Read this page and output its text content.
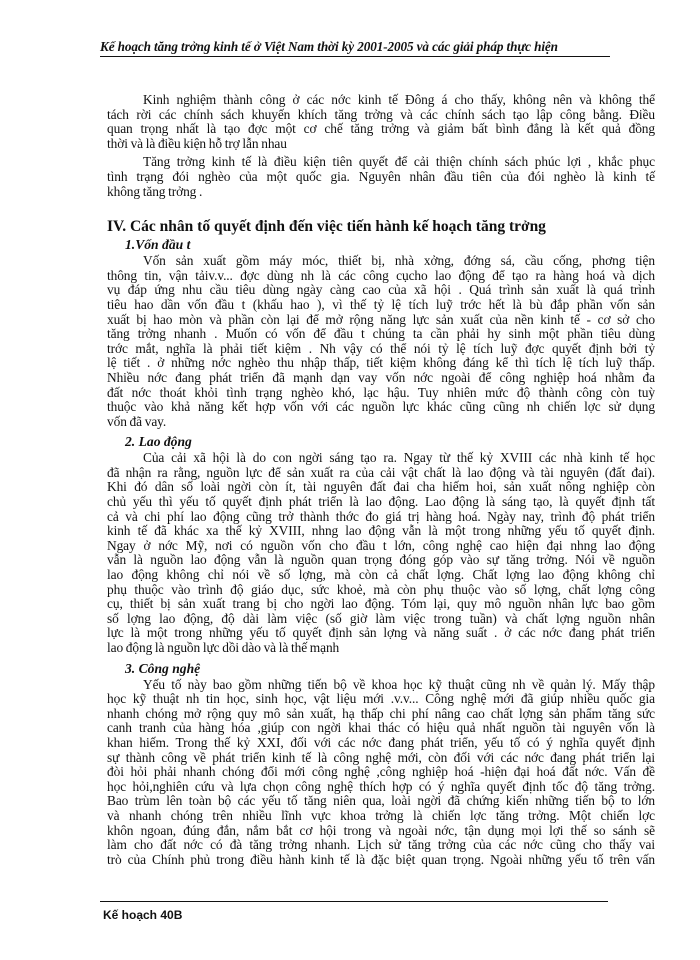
Kế hoạch tăng trởng kinh tế ở Việt Nam thời kỳ 2001-2005 và các giải pháp thực hiện
Kinh nghiệm thành công ở các nớc kinh tế Đông á cho thấy, không nên và không thể
tách rời các chính sách khuyến khích tăng trởng và các chính sách tạo lập công bằng. Điều
quan trọng nhất là tạo đợc một cơ chế tăng trởng và giảm bất bình đẳng là kết quả đồng
thời và là điều kiện hỗ trợ lẫn nhau
Tăng trởng kinh tế là điều kiện tiên quyết để cải thiện chính sách phúc lợi , khắc phục
tình trạng đói nghèo của một quốc gia. Nguyên nhân đầu tiên của đói nghèo là kinh tế
không tăng trởng .
IV. Các nhân tố quyết định đến việc tiến hành kế hoạch tăng trởng
1.Vốn đầu t
Vốn sản xuất gồm máy móc, thiết bị, nhà xởng, đớng sá, cầu cống, phơng tiện
thông tin, vận tảiv.v... đợc dùng nh là các công cụcho lao động để tạo ra hàng hoá và dịch
vụ đáp ứng nhu cầu tiêu dùng ngày càng cao của xã hội . Quá trình sản xuất là quá trình
tiêu hao dần vốn đầu t (khấu hao ), vì thế tỷ lệ tích luỹ trớc hết là bù đắp phần vốn sản
xuất bị hao mòn và phần còn lại để mở rộng năng lực sản xuất của nền kinh tế - cơ sở cho
tăng trởng nhanh . Muốn có vốn để đầu t chúng ta cần phải hy sinh một phần tiêu dùng
trớc mắt, nghĩa là phải tiết kiệm . Nh vậy có thể nói tỷ lệ tích luỹ đợc quyết định bởi tỷ
lệ tiết . ở những nớc nghèo thu nhập thấp, tiết kiệm không đáng kể thì tích lệ tích luỹ thấp.
Nhiều nớc đang phát triển đã mạnh dạn vay vốn nớc ngoài để công nghiệp hoá nhằm đa
đất nớc thoát khỏi tình trạng nghèo khó, lạc hậu. Tuy nhiên mức độ thành công còn tuỳ
thuộc vào khả năng kết hợp vốn với các nguồn lực khác cũng cũng nh chiến lợc sử dụng
vốn đã vay.
2. Lao động
Của cải xã hội là do con ngời sáng tạo ra. Ngay từ thế kỷ XVIII các nhà kinh tế học
đã nhận ra rằng, nguồn lực để sản xuất ra của cải vật chất là lao động và tài nguyên (đất đai).
Khi đó dân số loài ngời còn ít, tài nguyên đất đai cha hiếm hoi, sản xuất nông nghiệp còn
chủ yếu thì yếu tố quyết định phát triển là lao động. Lao động là sáng tạo, là quyết định tất
cả và chi phí lao động cũng trở thành thớc đo giá trị hàng hoá. Ngày nay, trình độ phát triển
kinh tế đã khác xa thế kỷ XVIII, nhng lao động vẫn là một trong những yếu tố quyết định.
Ngay ở nớc Mỹ, nơi có nguồn vốn cho đầu t lớn, công nghệ cao hiện đại nhng lao động
vẫn là nguồn lao động vẫn là nguồn quan trọng đóng góp vào sự tăng trởng. Nói về nguồn
lao động không chỉ nói về số lợng, mà còn cả chất lợng. Chất lợng lao động không chỉ
phụ thuộc vào trình độ giáo dục, sức khoẻ, mà còn phụ thuộc vào số lợng, chất lợng công
cụ, thiết bị sản xuất trang bị cho ngời lao động. Tóm lại, quy mô nguồn nhân lực bao gồm
số lợng lao động, độ dài làm việc (số giờ làm việc trong tuần) và chất lợng nguồn nhân
lực là một trong những yếu tố quyết định sản lợng và năng suất . ở các nớc đang phát triển
lao động là nguồn lực dồi dào và là thế mạnh
3. Công nghệ
Yếu tố này bao gồm những tiến bộ về khoa học kỹ thuật cũng nh về quản lý. Mấy thập
học kỹ thuật nh tin học, sinh học, vật liệu mới .v.v... Công nghệ mới đã giúp nhiều quốc gia
nhanh chóng mở rộng quy mô sản xuất, hạ thấp chi phí nâng cao chất lợng sản phẩm tăng sức
canh tranh của hàng hóa ,giúp con ngời khai thác có hiệu quả nhất nguồn tài nguyên vốn là
khan hiếm. Trong thế kỷ XXI, đối với các nớc đang phát triển, yếu tố có ý nghĩa quyết định
sự thành công về phát triển kinh tế là công nghệ mới, còn đối với các nớc đang phát triển lại
đòi hỏi phải nhanh chóng đổi mới công nghệ ,công nghiệp hoá -hiện đại hoá đất nớc. Vấn đề
học hỏi,nghiên cứu và lựa chọn công nghệ thích hợp có ý nghĩa quyết định tốc độ tăng trởng.
Bao trùm lên toàn bộ các yếu tố tăng niên qua, loài ngời đã chứng kiến những tiến bộ to lớn
và nhanh chóng trên nhiều lĩnh vực khoa trởng là chiến lợc tăng trởng. Một chiến lợc
khôn ngoan, đúng đắn, nắm bắt cơ hội trong và ngoài nớc, tận dụng mọi lợi thế so sánh sẽ
làm cho đất nớc có đà tăng trởng nhanh. Lịch sử tăng trởng của các nớc cũng cho thấy vai
trò của Chính phủ trong điều hành kinh tế là đặc biệt quan trọng. Ngoài những yếu tố trên vấn
Kế hoạch 40B
